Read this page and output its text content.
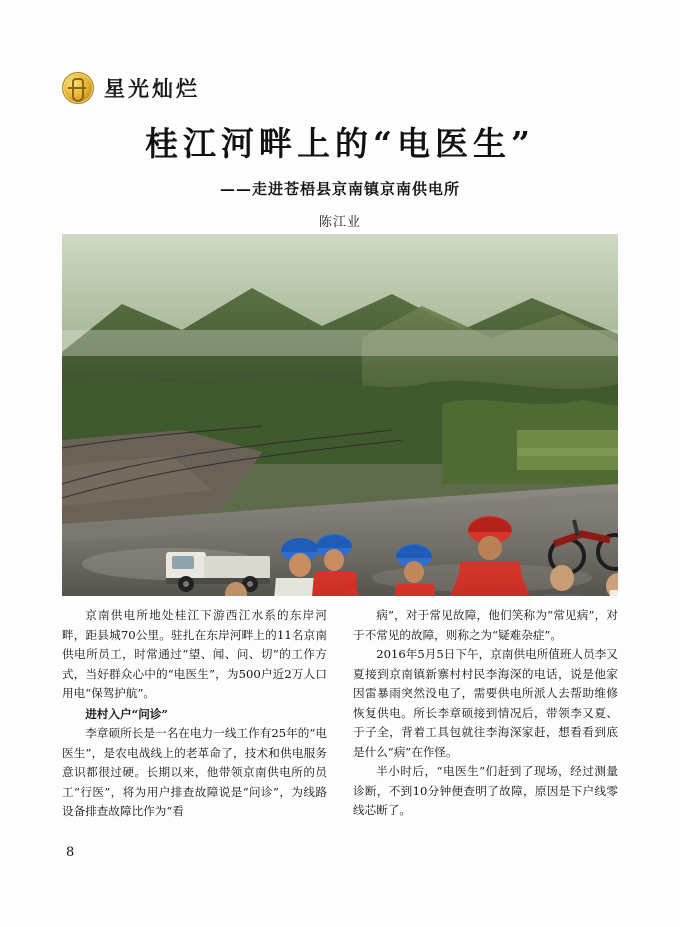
星光灿烂
桂江河畔上的“电医生”
——走进苍梧县京南镇京南供电所
陈江业

京南供电所地处桂江下游西江水系的东岸河畔，距县城70公里。驻扎在东岸河畔上的11名京南供电所员工，时常通过“望、闻、问、切”的工作方式，当好群众心中的“电医生”，为500户近2万人口用电“保驾护航”。

进村入户“问诊”

李章硕所长是一名在电力一线工作有25年的“电医生”，是农电战线上的老革命了，技术和供电服务意识都很过硬。长期以来，他带领京南供电所的员工“行医”，将为用户排查故障说是“问诊”，为线路设备排查故障比作为“看

病”，对于常见故障，他们笑称为“常见病”，对于不常见的故障，则称之为“疑难杂症”。

2016年5月5日下午，京南供电所值班人员李又夏接到京南镇新寨村村民李海深的电话，说是他家因雷暴雨突然没电了，需要供电所派人去帮助维修恢复供电。所长李章硕接到情况后，带领李又夏、于子全，背着工具包就往李海深家赶，想看看到底是什么“病”在作怪。

半小时后，“电医生”们赶到了现场，经过测量诊断，不到10分钟便查明了故障，原因是下户线零线芯断了。

8
